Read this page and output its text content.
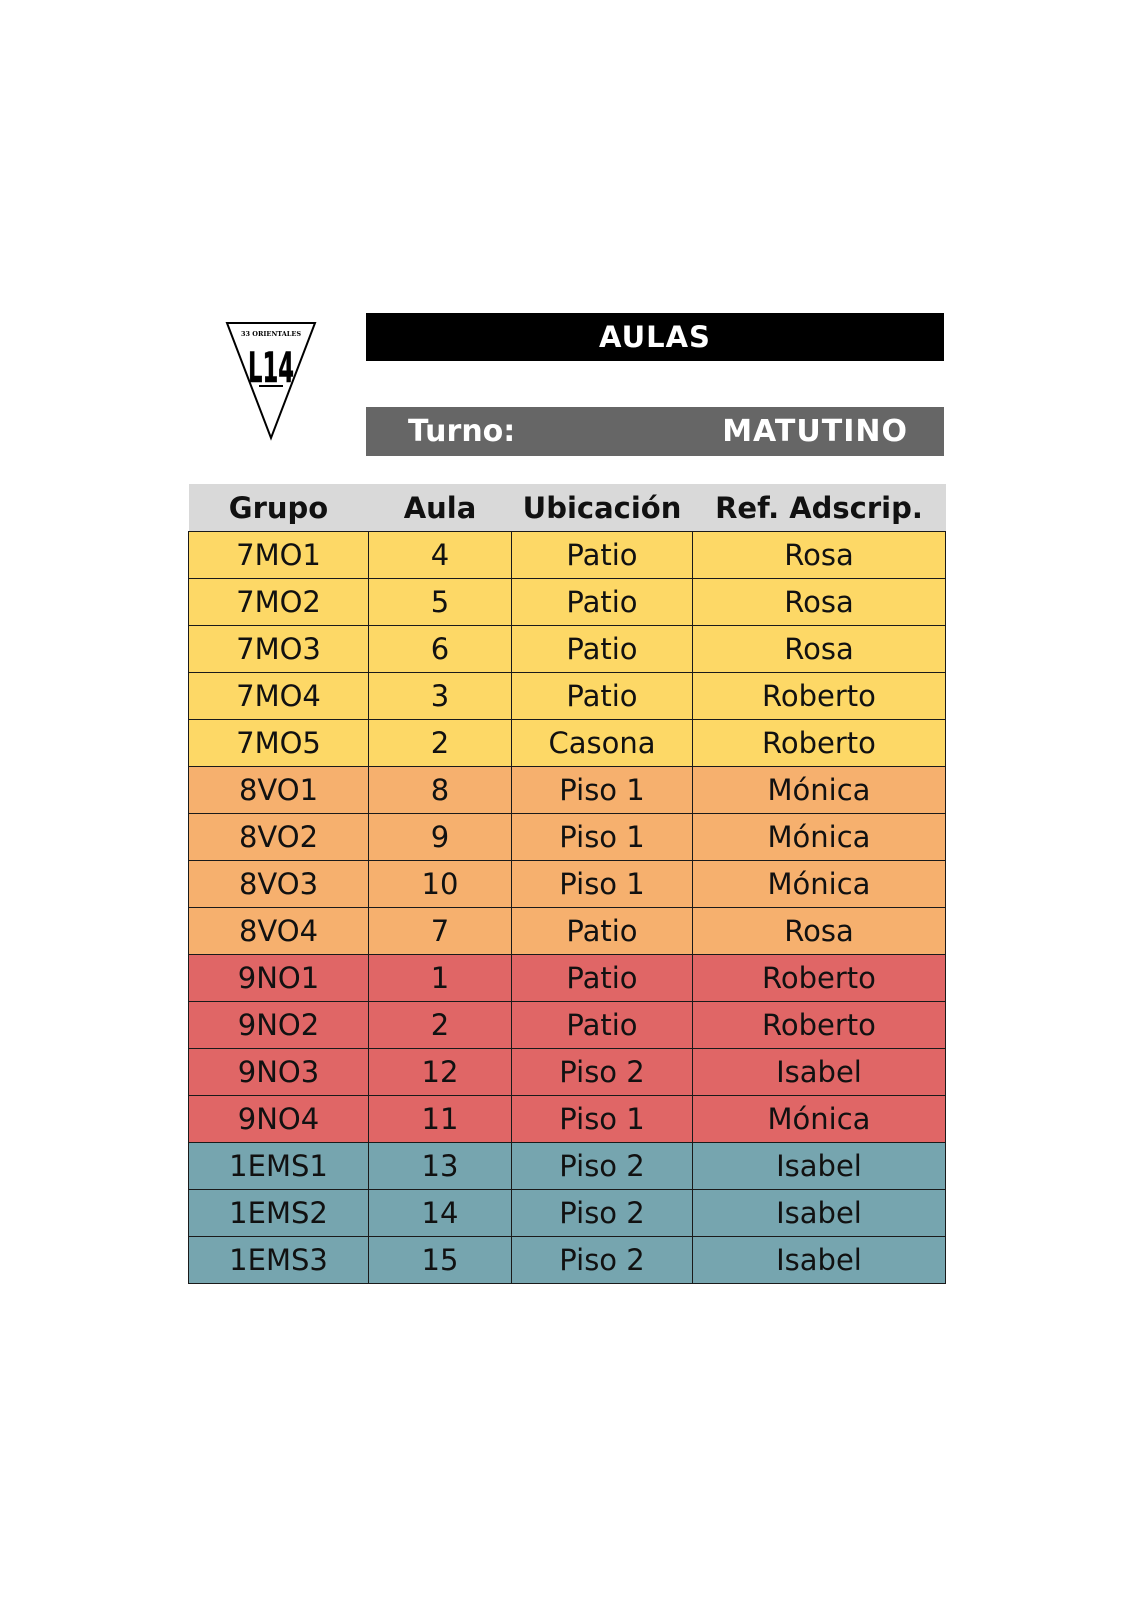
33 ORIENTALES
L14
AULAS
Turno:	MATUTINO
Grupo	Aula	Ubicación	Ref. Adscrip.
7MO1	4	Patio	Rosa
7MO2	5	Patio	Rosa
7MO3	6	Patio	Rosa
7MO4	3	Patio	Roberto
7MO5	2	Casona	Roberto
8VO1	8	Piso 1	Mónica
8VO2	9	Piso 1	Mónica
8VO3	10	Piso 1	Mónica
8VO4	7	Patio	Rosa
9NO1	1	Patio	Roberto
9NO2	2	Patio	Roberto
9NO3	12	Piso 2	Isabel
9NO4	11	Piso 1	Mónica
1EMS1	13	Piso 2	Isabel
1EMS2	14	Piso 2	Isabel
1EMS3	15	Piso 2	Isabel
